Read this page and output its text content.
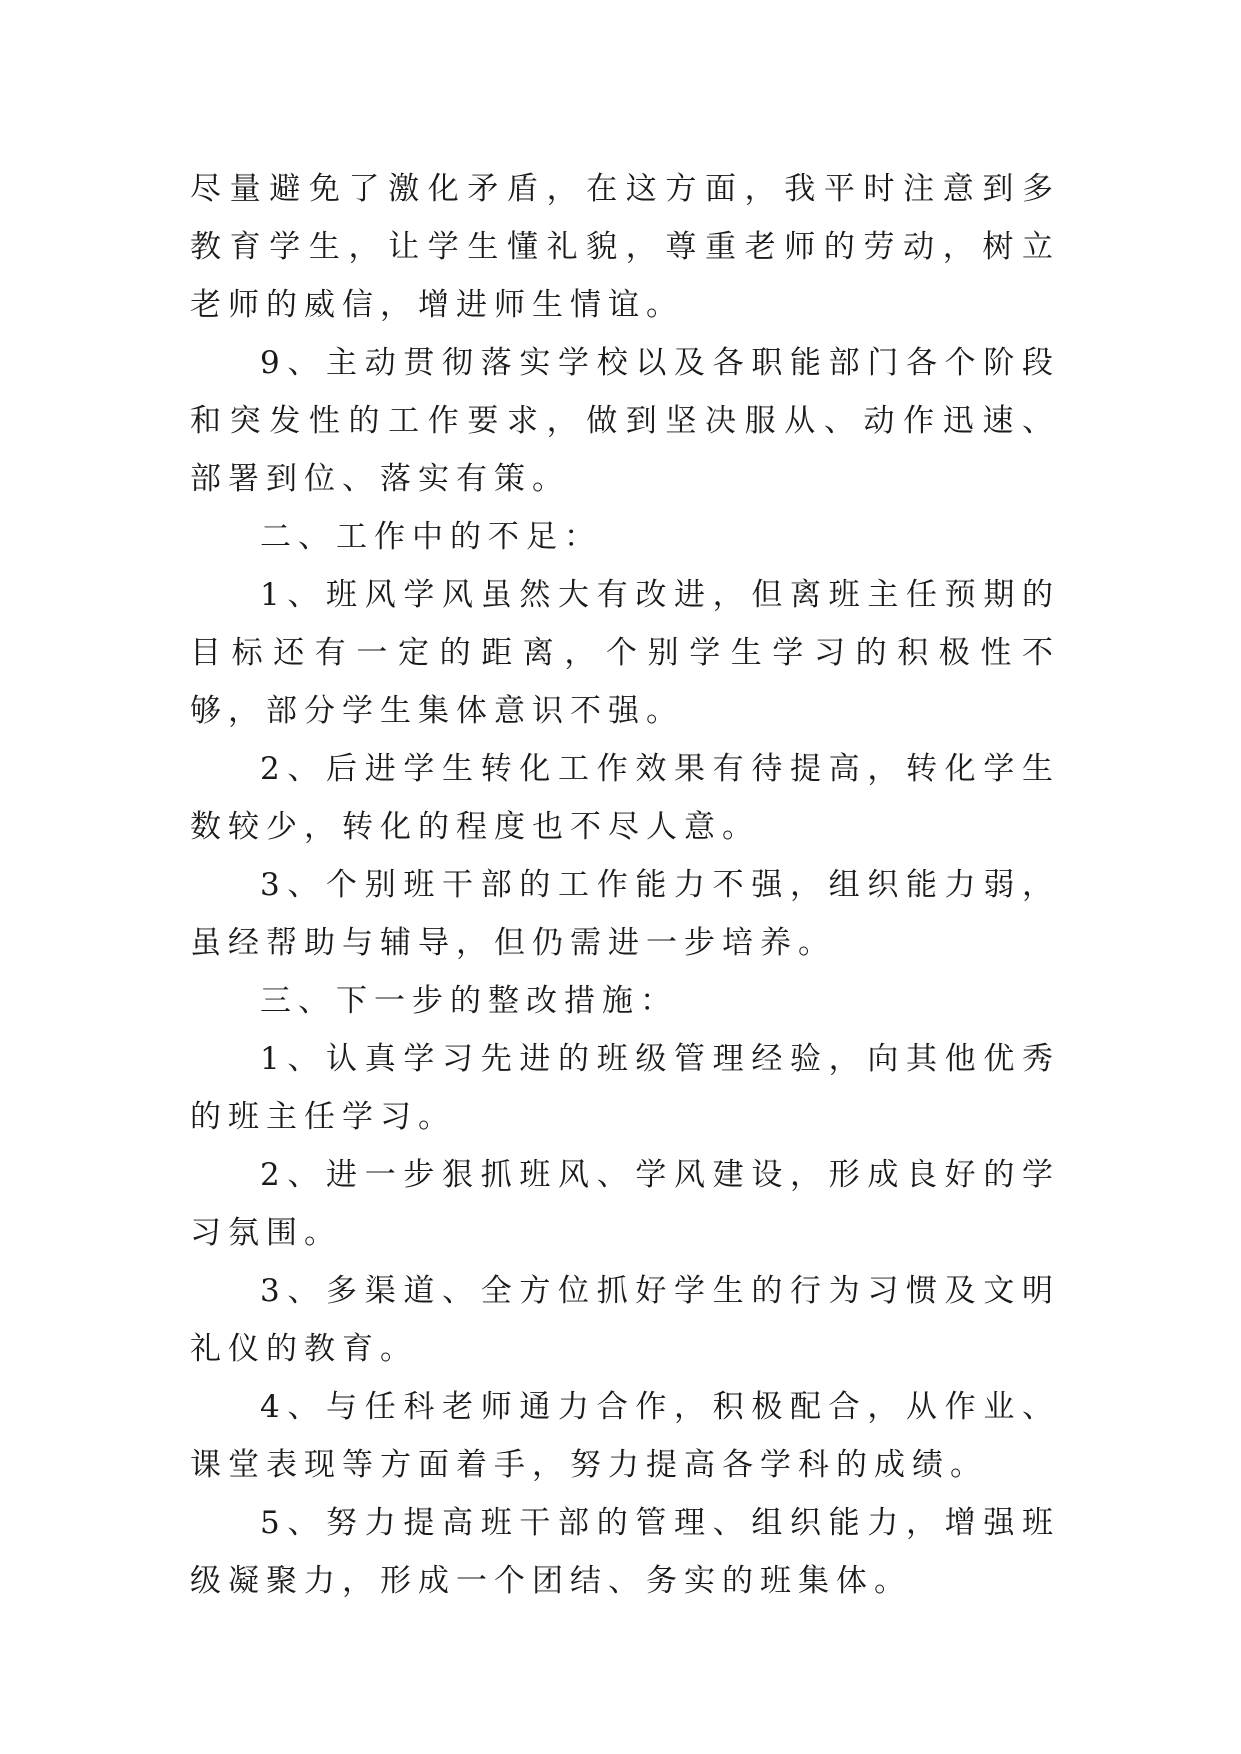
尽量避免了激化矛盾，在这方面，我平时注意到多教育学生，让学生懂礼貌，尊重老师的劳动，树立老师的威信，增进师生情谊。

9、主动贯彻落实学校以及各职能部门各个阶段和突发性的工作要求，做到坚决服从、动作迅速、部署到位、落实有策。

二、工作中的不足：

1、班风学风虽然大有改进，但离班主任预期的目标还有一定的距离，个别学生学习的积极性不够，部分学生集体意识不强。

2、后进学生转化工作效果有待提高，转化学生数较少，转化的程度也不尽人意。

3、个别班干部的工作能力不强，组织能力弱，虽经帮助与辅导，但仍需进一步培养。

三、下一步的整改措施：

1、认真学习先进的班级管理经验，向其他优秀的班主任学习。

2、进一步狠抓班风、学风建设，形成良好的学习氛围。

3、多渠道、全方位抓好学生的行为习惯及文明礼仪的教育。

4、与任科老师通力合作，积极配合，从作业、课堂表现等方面着手，努力提高各学科的成绩。

5、努力提高班干部的管理、组织能力，增强班级凝聚力，形成一个团结、务实的班集体。
